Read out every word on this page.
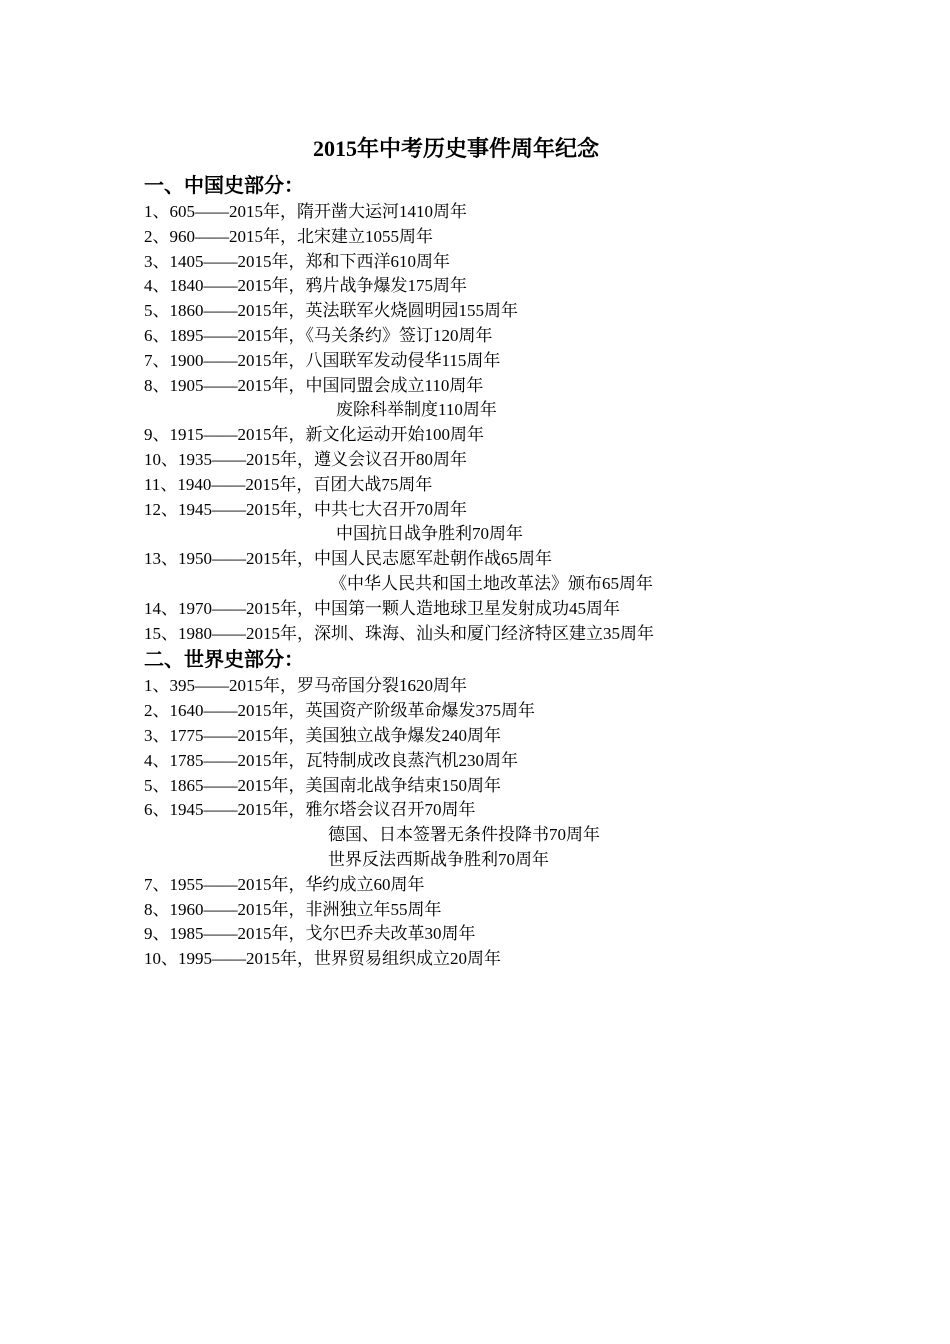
2015年中考历史事件周年纪念
一、中国史部分：
1、605——2015年，隋开凿大运河1410周年
2、960——2015年，北宋建立1055周年
3、1405——2015年，郑和下西洋610周年
4、1840——2015年，鸦片战争爆发175周年
5、1860——2015年，英法联军火烧圆明园155周年
6、1895——2015年，《马关条约》签订120周年
7、1900——2015年，八国联军发动侵华115周年
8、1905——2015年，中国同盟会成立110周年
废除科举制度110周年
9、1915——2015年，新文化运动开始100周年
10、1935——2015年，遵义会议召开80周年
11、1940——2015年，百团大战75周年
12、1945——2015年，中共七大召开70周年
中国抗日战争胜利70周年
13、1950——2015年，中国人民志愿军赴朝作战65周年
《中华人民共和国土地改革法》颁布65周年
14、1970——2015年，中国第一颗人造地球卫星发射成功45周年
15、1980——2015年，深圳、珠海、汕头和厦门经济特区建立35周年
二、世界史部分：
1、395——2015年，罗马帝国分裂1620周年
2、1640——2015年，英国资产阶级革命爆发375周年
3、1775——2015年，美国独立战争爆发240周年
4、1785——2015年，瓦特制成改良蒸汽机230周年
5、1865——2015年，美国南北战争结束150周年
6、1945——2015年，雅尔塔会议召开70周年
德国、日本签署无条件投降书70周年
世界反法西斯战争胜利70周年
7、1955——2015年，华约成立60周年
8、1960——2015年，非洲独立年55周年
9、1985——2015年，戈尔巴乔夫改革30周年
10、1995——2015年，世界贸易组织成立20周年
